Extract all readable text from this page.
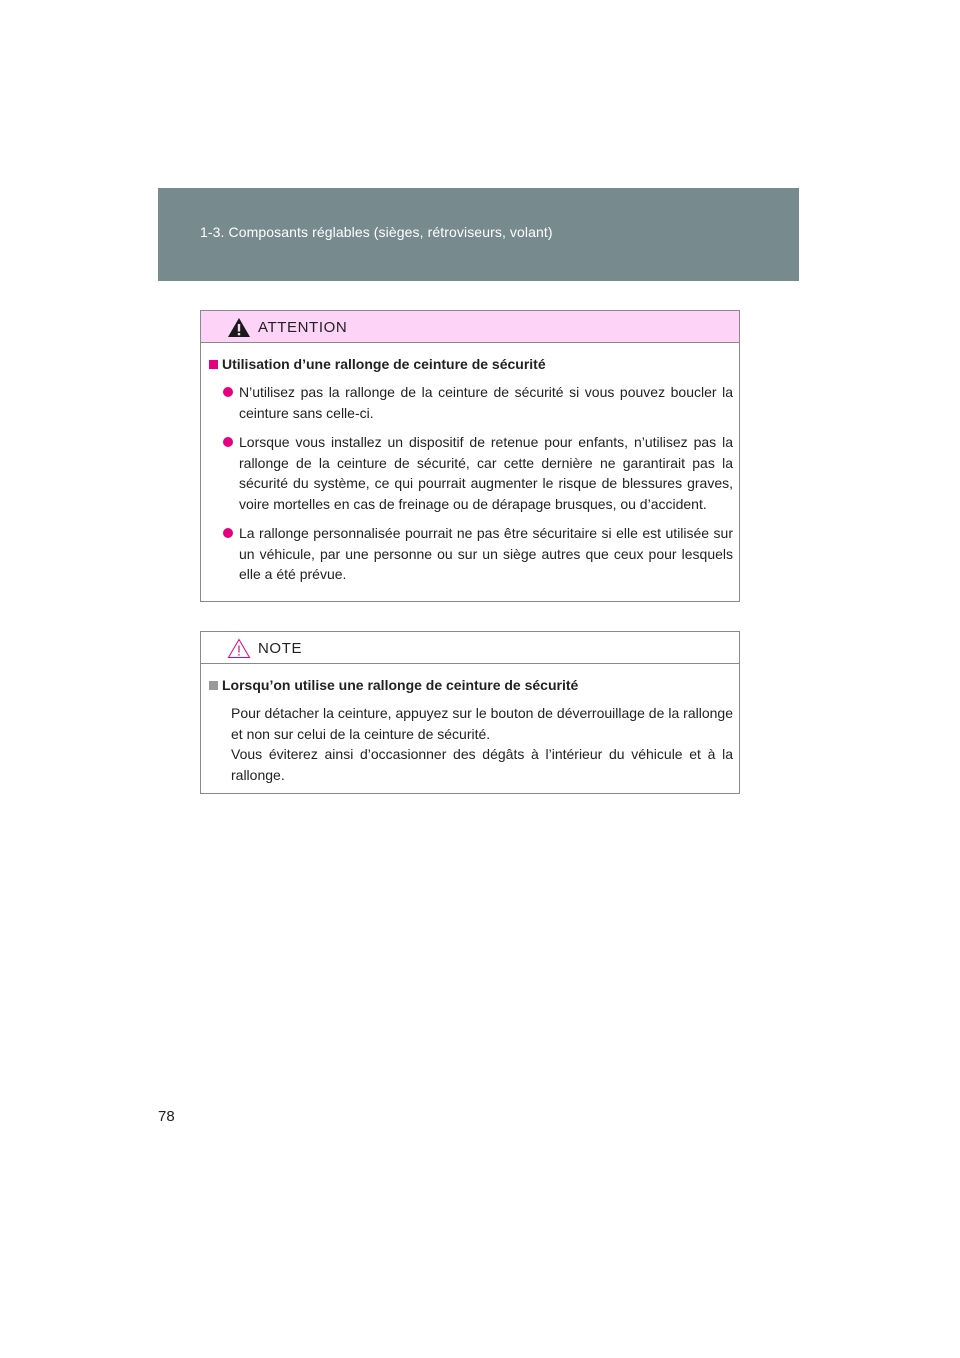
1-3. Composants réglables (sièges, rétroviseurs, volant)
ATTENTION
Utilisation d’une rallonge de ceinture de sécurité
N’utilisez pas la rallonge de la ceinture de sécurité si vous pouvez boucler la ceinture sans celle-ci.
Lorsque vous installez un dispositif de retenue pour enfants, n’utilisez pas la rallonge de la ceinture de sécurité, car cette dernière ne garantirait pas la sécurité du système, ce qui pourrait augmenter le risque de blessures graves, voire mortelles en cas de freinage ou de dérapage brusques, ou d’accident.
La rallonge personnalisée pourrait ne pas être sécuritaire si elle est utilisée sur un véhicule, par une personne ou sur un siège autres que ceux pour lesquels elle a été prévue.
NOTE
Lorsqu’on utilise une rallonge de ceinture de sécurité
Pour détacher la ceinture, appuyez sur le bouton de déverrouillage de la rallonge et non sur celui de la ceinture de sécurité.
Vous éviterez ainsi d’occasionner des dégâts à l’intérieur du véhicule et à la rallonge.
78
